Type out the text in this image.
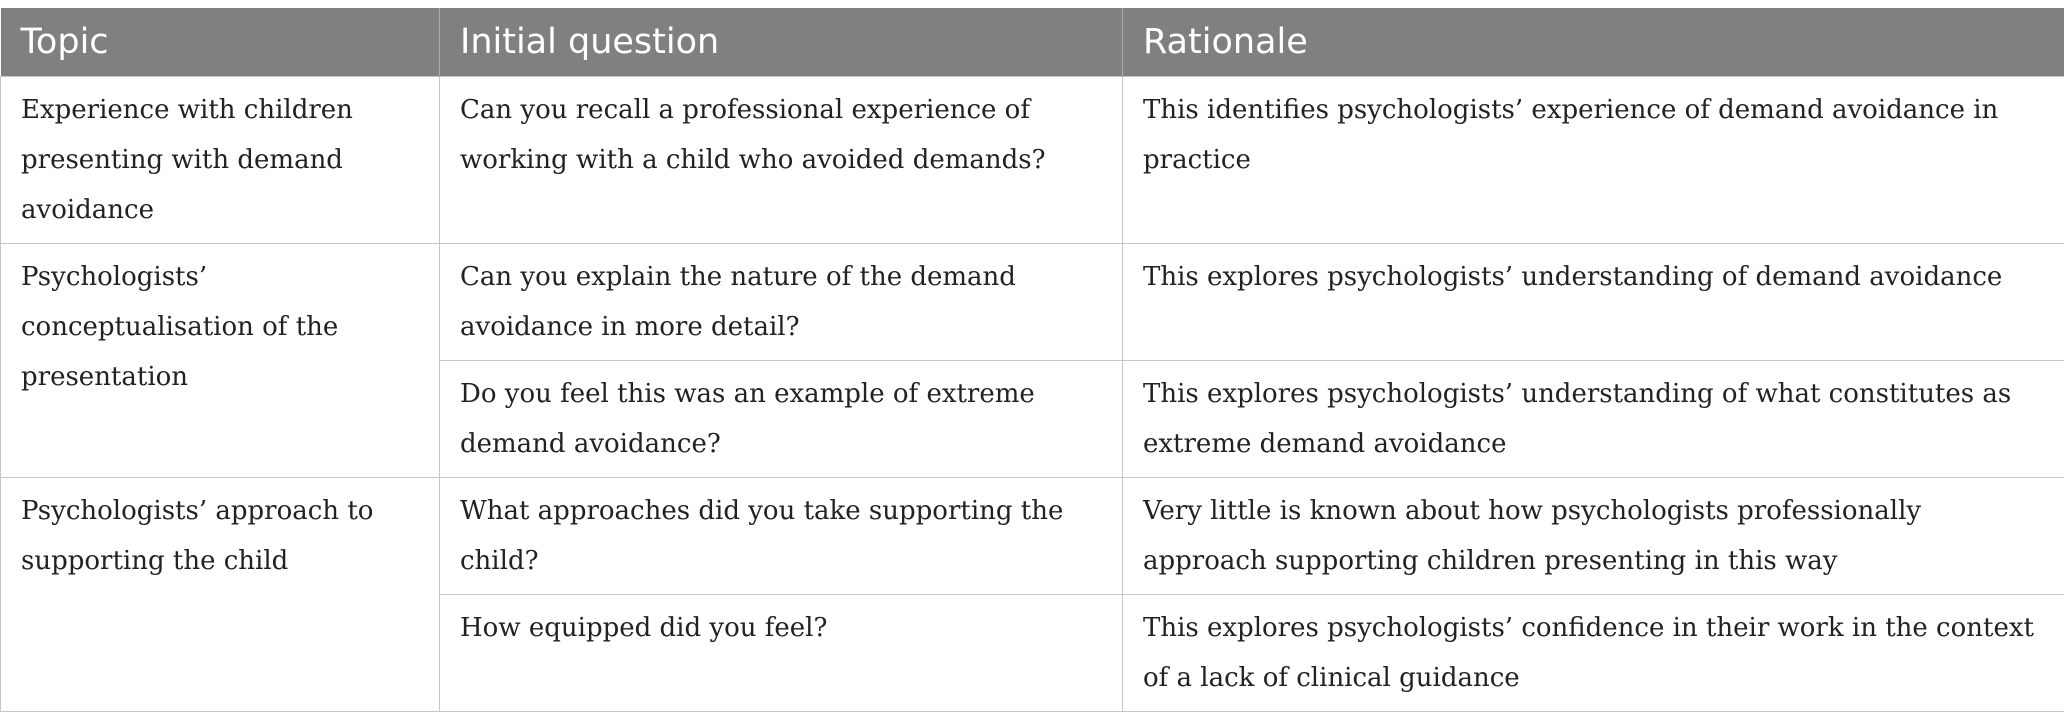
Topic	Initial question	Rationale

Experience with children presenting with demand avoidance	Can you recall a professional experience of working with a child who avoided demands?	This identifies psychologists’ experience of demand avoidance in practice

Psychologists’ conceptualisation of the presentation	Can you explain the nature of the demand avoidance in more detail?	This explores psychologists’ understanding of demand avoidance

	Do you feel this was an example of extreme demand avoidance?	This explores psychologists’ understanding of what constitutes as extreme demand avoidance

Psychologists’ approach to supporting the child	What approaches did you take supporting the child?	Very little is known about how psychologists professionally approach supporting children presenting in this way

	How equipped did you feel?	This explores psychologists’ confidence in their work in the context of a lack of clinical guidance
